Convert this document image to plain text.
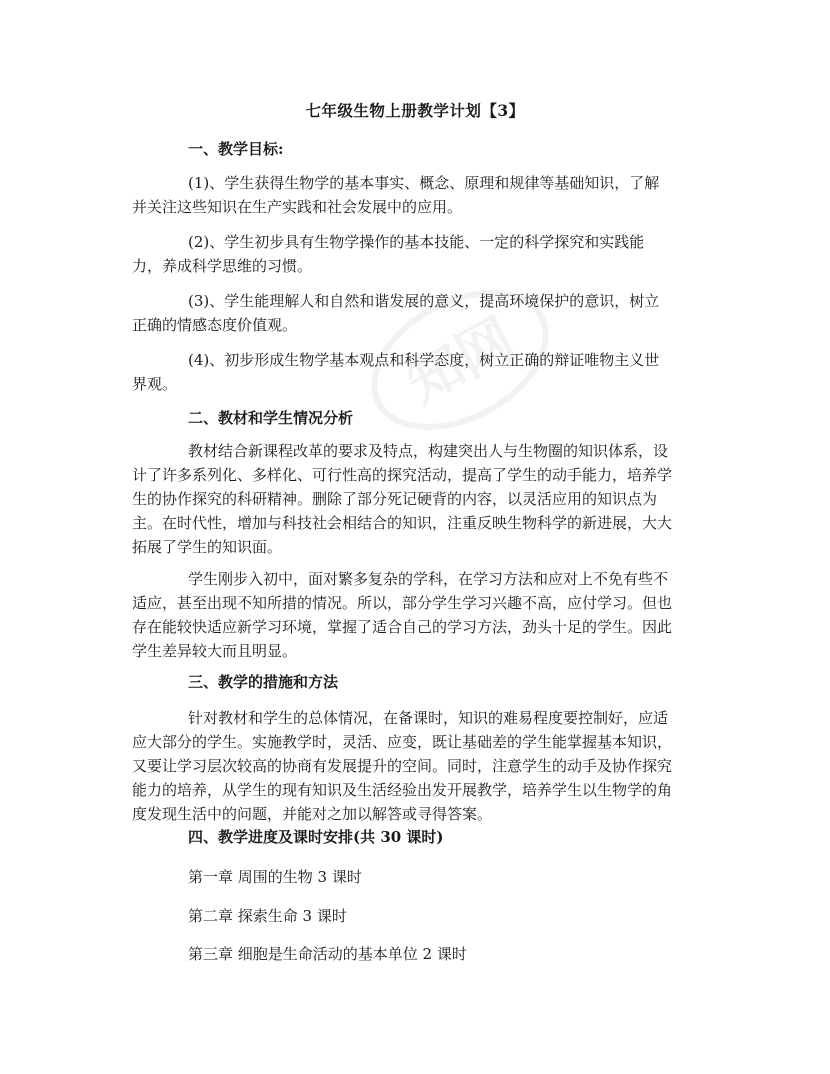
知网
七年级生物上册教学计划【3】
一、教学目标:
(1)、学生获得生物学的基本事实、概念、原理和规律等基础知识，了解
并关注这些知识在生产实践和社会发展中的应用。
(2)、学生初步具有生物学操作的基本技能、一定的科学探究和实践能
力，养成科学思维的习惯。
(3)、学生能理解人和自然和谐发展的意义，提高环境保护的意识，树立
正确的情感态度价值观。
(4)、初步形成生物学基本观点和科学态度，树立正确的辩证唯物主义世
界观。
二、教材和学生情况分析
教材结合新课程改革的要求及特点，构建突出人与生物圈的知识体系，设
计了许多系列化、多样化、可行性高的探究活动，提高了学生的动手能力，培养学
生的协作探究的科研精神。删除了部分死记硬背的内容，以灵活应用的知识点为
主。在时代性，增加与科技社会相结合的知识，注重反映生物科学的新进展，大大
拓展了学生的知识面。
学生刚步入初中，面对繁多复杂的学科，在学习方法和应对上不免有些不
适应，甚至出现不知所措的情况。所以，部分学生学习兴趣不高，应付学习。但也
存在能较快适应新学习环境，掌握了适合自己的学习方法，劲头十足的学生。因此
学生差异较大而且明显。
三、教学的措施和方法
针对教材和学生的总体情况，在备课时，知识的难易程度要控制好，应适
应大部分的学生。实施教学时，灵活、应变，既让基础差的学生能掌握基本知识，
又要让学习层次较高的协商有发展提升的空间。同时，注意学生的动手及协作探究
能力的培养，从学生的现有知识及生活经验出发开展教学，培养学生以生物学的角
度发现生活中的问题，并能对之加以解答或寻得答案。
四、教学进度及课时安排(共 30 课时)
第一章 周围的生物 3 课时
第二章 探索生命 3 课时
第三章 细胞是生命活动的基本单位 2 课时
